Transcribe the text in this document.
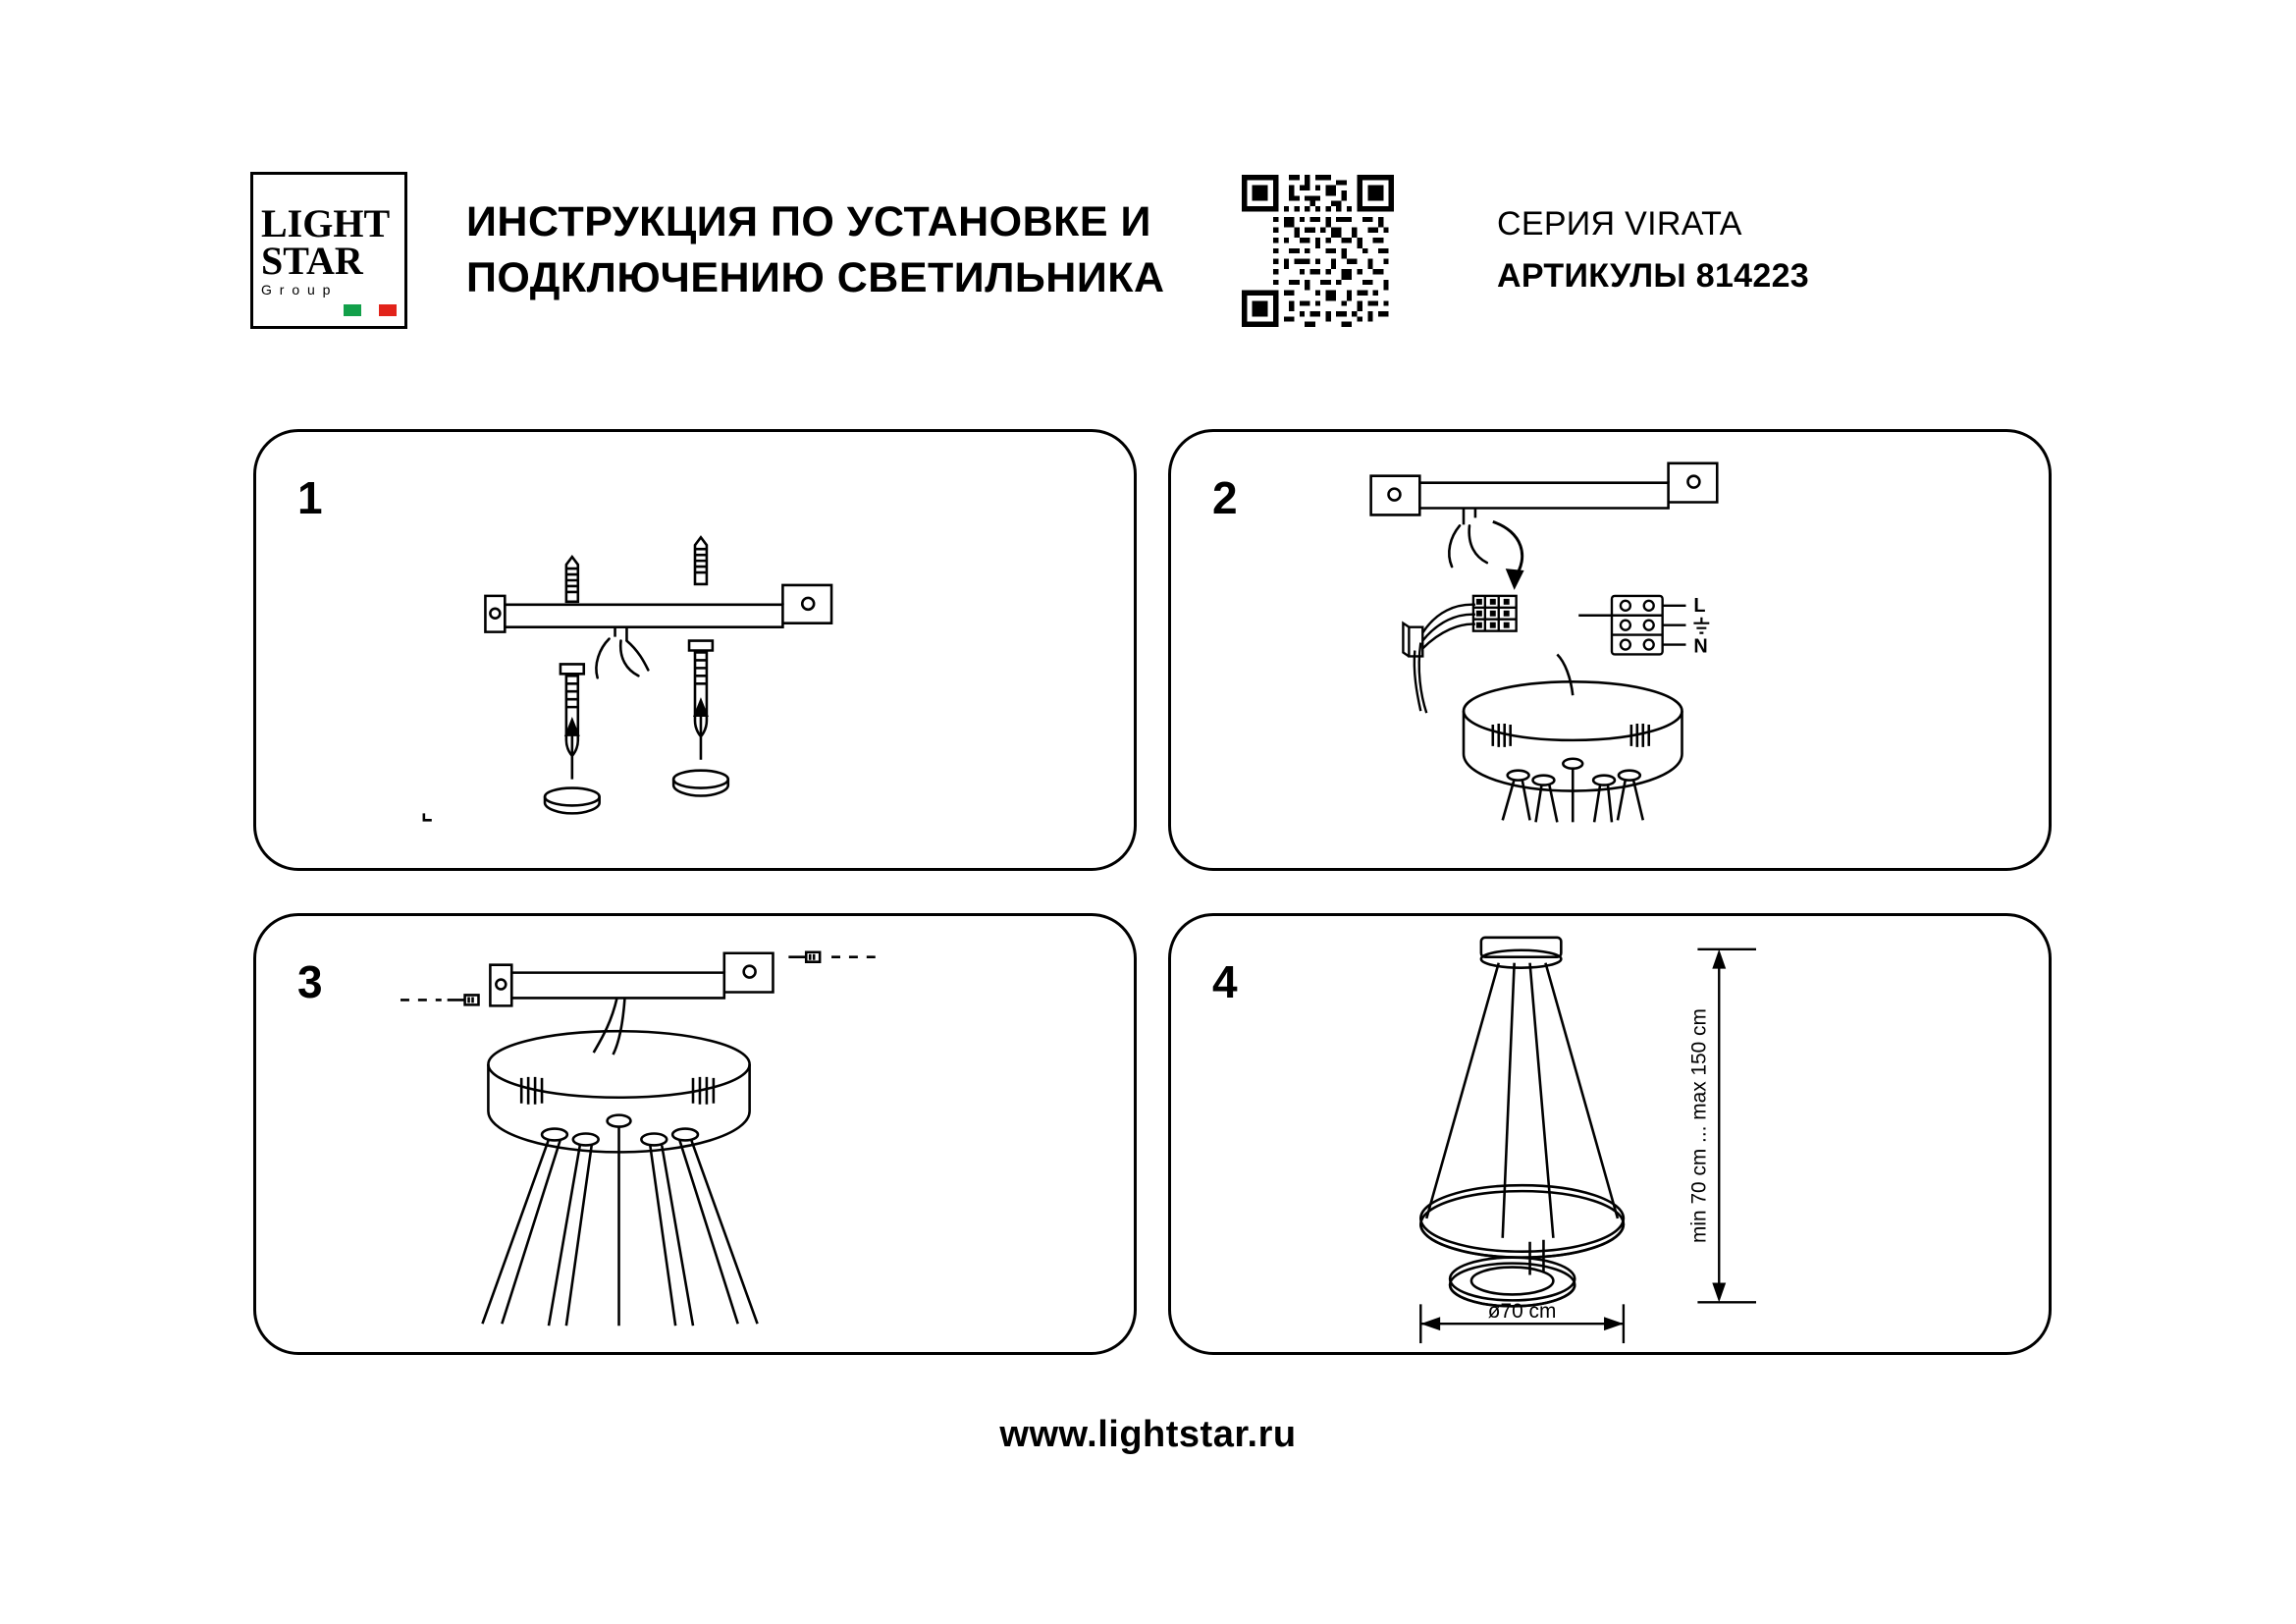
LIGHT
STAR
G r o u p
ИНСТРУКЦИЯ ПО УСТАНОВКЕ И ПОДКЛЮЧЕНИЮ СВЕТИЛЬНИКА
СЕРИЯ VIRATA
АРТИКУЛЫ 814223
1	2
L
N
3	4
min 70 cm ... max 150 cm
ø70 cm
www.lightstar.ru
